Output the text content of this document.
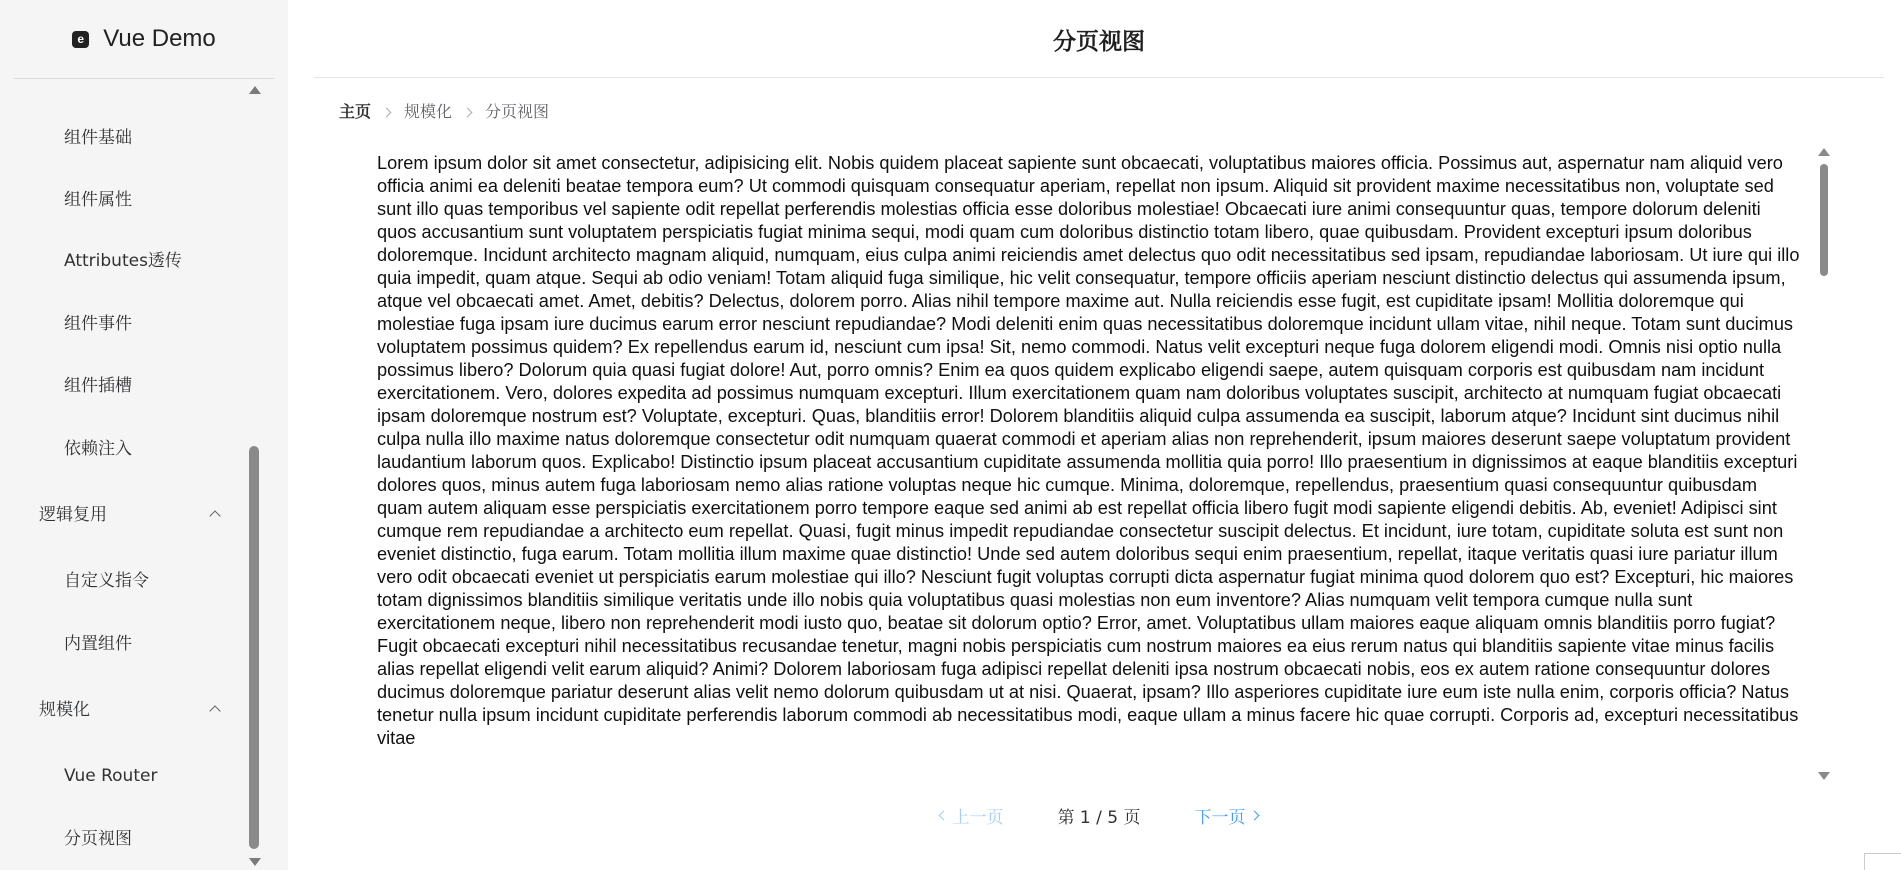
e Vue Demo
组件基础
组件属性
Attributes透传
组件事件
组件插槽
依赖注入
逻辑复用
自定义指令
内置组件
规模化
Vue Router
分页视图
分页视图
主页 规模化 分页视图

Lorem ipsum dolor sit amet consectetur, adipisicing elit. Nobis quidem placeat sapiente sunt obcaecati, voluptatibus maiores officia. Possimus aut, aspernatur nam aliquid vero officia animi ea deleniti beatae tempora eum? Ut commodi quisquam consequatur aperiam, repellat non ipsum. Aliquid sit provident maxime necessitatibus non, voluptate sed sunt illo quas temporibus vel sapiente odit repellat perferendis molestias officia esse doloribus molestiae! Obcaecati iure animi consequuntur quas, tempore dolorum deleniti quos accusantium sunt voluptatem perspiciatis fugiat minima sequi, modi quam cum doloribus distinctio totam libero, quae quibusdam. Provident excepturi ipsum doloribus doloremque. Incidunt architecto magnam aliquid, numquam, eius culpa animi reiciendis amet delectus quo odit necessitatibus sed ipsam, repudiandae laboriosam. Ut iure qui illo quia impedit, quam atque. Sequi ab odio veniam! Totam aliquid fuga similique, hic velit consequatur, tempore officiis aperiam nesciunt distinctio delectus qui assumenda ipsum, atque vel obcaecati amet. Amet, debitis? Delectus, dolorem porro. Alias nihil tempore maxime aut. Nulla reiciendis esse fugit, est cupiditate ipsam! Mollitia doloremque qui molestiae fuga ipsam iure ducimus earum error nesciunt repudiandae? Modi deleniti enim quas necessitatibus doloremque incidunt ullam vitae, nihil neque. Totam sunt ducimus voluptatem possimus quidem? Ex repellendus earum id, nesciunt cum ipsa! Sit, nemo commodi. Natus velit excepturi neque fuga dolorem eligendi modi. Omnis nisi optio nulla possimus libero? Dolorum quia quasi fugiat dolore! Aut, porro omnis? Enim ea quos quidem explicabo eligendi saepe, autem quisquam corporis est quibusdam nam incidunt exercitationem. Vero, dolores expedita ad possimus numquam excepturi. Illum exercitationem quam nam doloribus voluptates suscipit, architecto at numquam fugiat obcaecati ipsam doloremque nostrum est? Voluptate, excepturi. Quas, blanditiis error! Dolorem blanditiis aliquid culpa assumenda ea suscipit, laborum atque? Incidunt sint ducimus nihil culpa nulla illo maxime natus doloremque consectetur odit numquam quaerat commodi et aperiam alias non reprehenderit, ipsum maiores deserunt saepe voluptatum provident laudantium laborum quos. Explicabo! Distinctio ipsum placeat accusantium cupiditate assumenda mollitia quia porro! Illo praesentium in dignissimos at eaque blanditiis excepturi dolores quos, minus autem fuga laboriosam nemo alias ratione voluptas neque hic cumque. Minima, doloremque, repellendus, praesentium quasi consequuntur quibusdam quam autem aliquam esse perspiciatis exercitationem porro tempore eaque sed animi ab est repellat officia libero fugit modi sapiente eligendi debitis. Ab, eveniet! Adipisci sint cumque rem repudiandae a architecto eum repellat. Quasi, fugit minus impedit repudiandae consectetur suscipit delectus. Et incidunt, iure totam, cupiditate soluta est sunt non eveniet distinctio, fuga earum. Totam mollitia illum maxime quae distinctio! Unde sed autem doloribus sequi enim praesentium, repellat, itaque veritatis quasi iure pariatur illum vero odit obcaecati eveniet ut perspiciatis earum molestiae qui illo? Nesciunt fugit voluptas corrupti dicta aspernatur fugiat minima quod dolorem quo est? Excepturi, hic maiores totam dignissimos blanditiis similique veritatis unde illo nobis quia voluptatibus quasi molestias non eum inventore? Alias numquam velit tempora cumque nulla sunt exercitationem neque, libero non reprehenderit modi iusto quo, beatae sit dolorum optio? Error, amet. Voluptatibus ullam maiores eaque aliquam omnis blanditiis porro fugiat? Fugit obcaecati excepturi nihil necessitatibus recusandae tenetur, magni nobis perspiciatis cum nostrum maiores ea eius rerum natus qui blanditiis sapiente vitae minus facilis alias repellat eligendi velit earum aliquid? Animi? Dolorem laboriosam fuga adipisci repellat deleniti ipsa nostrum obcaecati nobis, eos ex autem ratione consequuntur dolores ducimus doloremque pariatur deserunt alias velit nemo dolorum quibusdam ut at nisi. Quaerat, ipsam? Illo asperiores cupiditate iure eum iste nulla enim, corporis officia? Natus tenetur nulla ipsum incidunt cupiditate perferendis laborum commodi ab necessitatibus modi, eaque ullam a minus facere hic quae corrupti. Corporis ad, excepturi necessitatibus vitae

上一页	第 1 / 5 页	下一页
